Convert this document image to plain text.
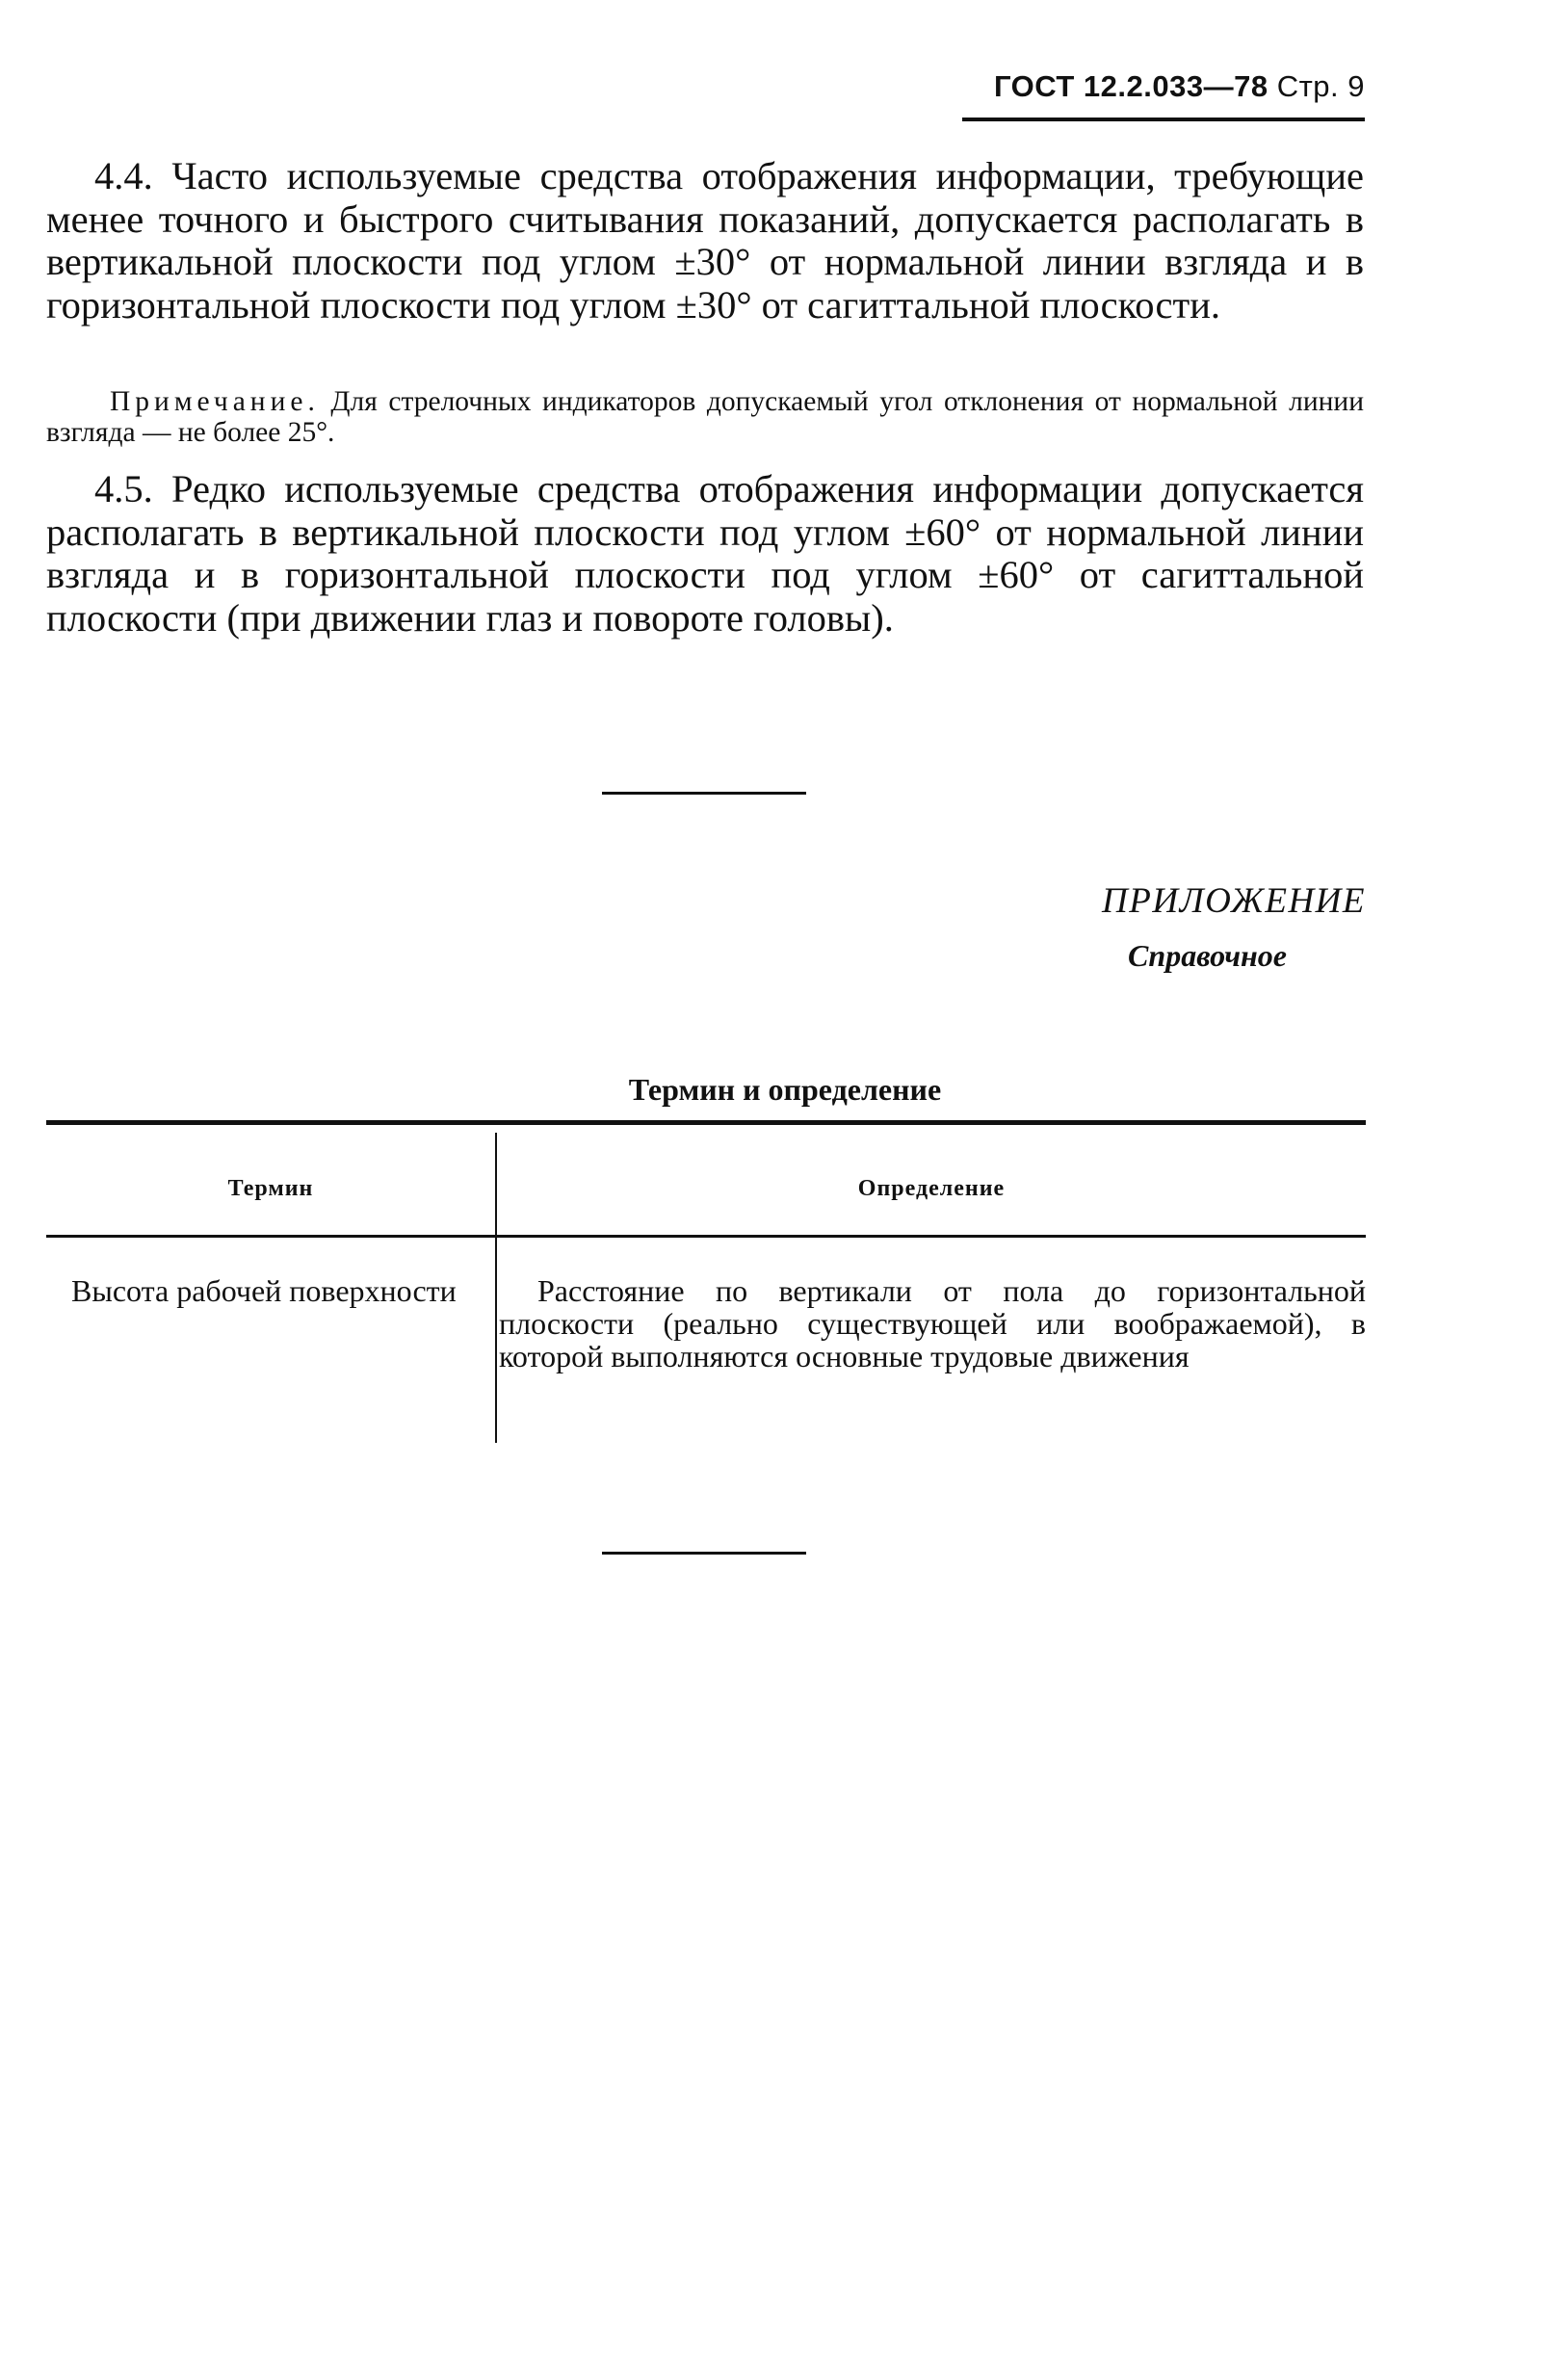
ГОСТ 12.2.033—78 Стр. 9

4.4. Часто используемые средства отображения информации, требующие менее точного и быстрого считывания показаний, допускается располагать в вертикальной плоскости под углом ±30° от нормальной линии взгляда и в горизонтальной плоскости под углом ±30° от сагиттальной плоскости.

Примечание. Для стрелочных индикаторов допускаемый угол отклонения от нормальной линии взгляда — не более 25°.

4.5. Редко используемые средства отображения информации допускается располагать в вертикальной плоскости под углом ±60° от нормальной линии взгляда и в горизонтальной плоскости под углом ±60° от сагиттальной плоскости (при движении глаз и повороте головы).

ПРИЛОЖЕНИЕ
Справочное
Термин и определение
Термин	Определение

Высота рабочей поверхности	Расстояние по вертикали от пола до горизонтальной плоскости (реально существующей или воображаемой), в которой выполняются основные трудовые движения
